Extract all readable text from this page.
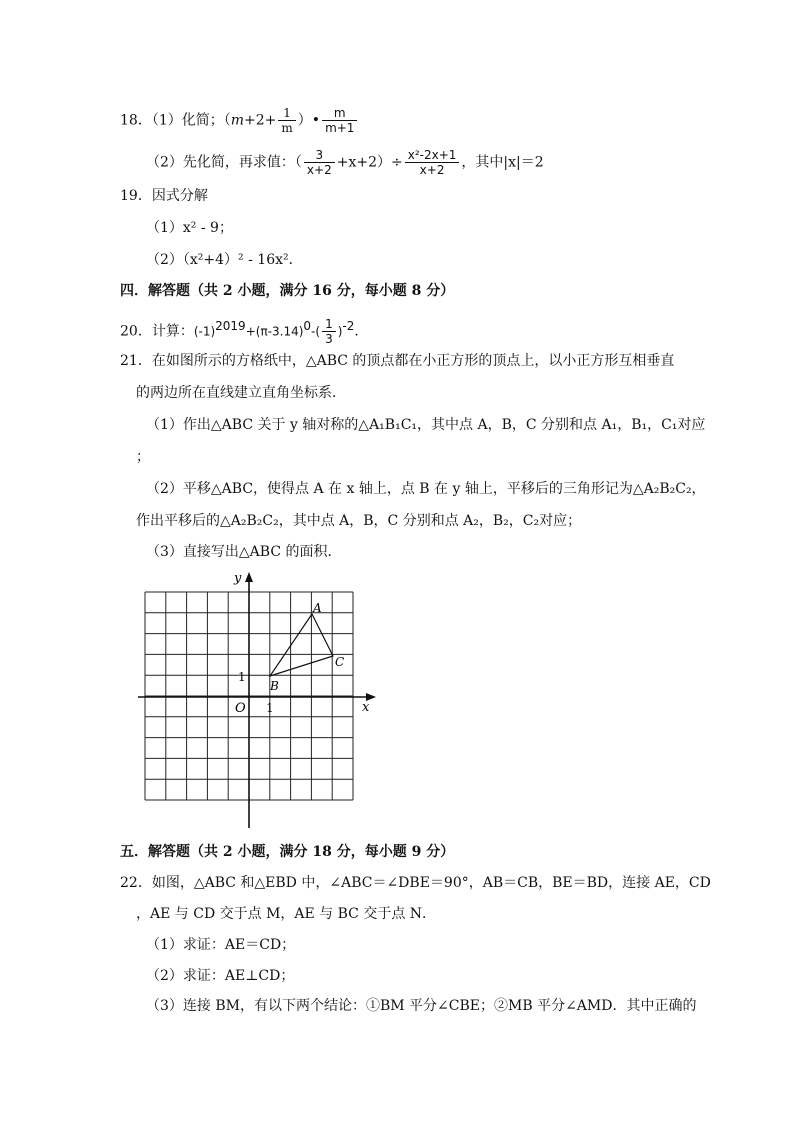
18．（1）化简；（$m+2+ \frac{1}{m}$ ）• $\frac{m}{m+1}$
（2）先化简，再求值：（ $\frac{3}{x+2} +x+2)\div \frac{\text{x²-2x+1}}{x+2}$ ，其中|x|＝2
19．因式分解
（1）x² - 9；
（2）（x²+4）² - 16x²．
四．解答题（共 2 小题，满分 16 分，每小题 8 分）
20．计算：$(-1)^{2019}+(\pi-3.14)^0-( \frac{1}{3} )^{-2}$．
21．在如图所示的方格纸中，△ABC 的顶点都在小正方形的顶点上，以小正方形互相垂直
的两边所在直线建立直角坐标系．
（1）作出△ABC 关于 y 轴对称的△A₁B₁C₁，其中点 A，B，C 分别和点 A₁，B₁，C₁对应
；
（2）平移△ABC，使得点 A 在 x 轴上，点 B 在 y 轴上，平移后的三角形记为△A₂B₂C₂，
作出平移后的△A₂B₂C₂，其中点 A，B，C 分别和点 A₂，B₂，C₂对应；
（3）直接写出△ABC 的面积．
y
x
O 1
1
A
B
C
五．解答题（共 2 小题，满分 18 分，每小题 9 分）
22．如图，△ABC 和△EBD 中，∠ABC＝∠DBE＝90°，AB＝CB，BE＝BD，连接 AE，CD
，AE 与 CD 交于点 M，AE 与 BC 交于点 N．
（1）求证：AE＝CD；
（2）求证：AE⊥CD；
（3）连接 BM，有以下两个结论：①BM 平分∠CBE；②MB 平分∠AMD．其中正确的
